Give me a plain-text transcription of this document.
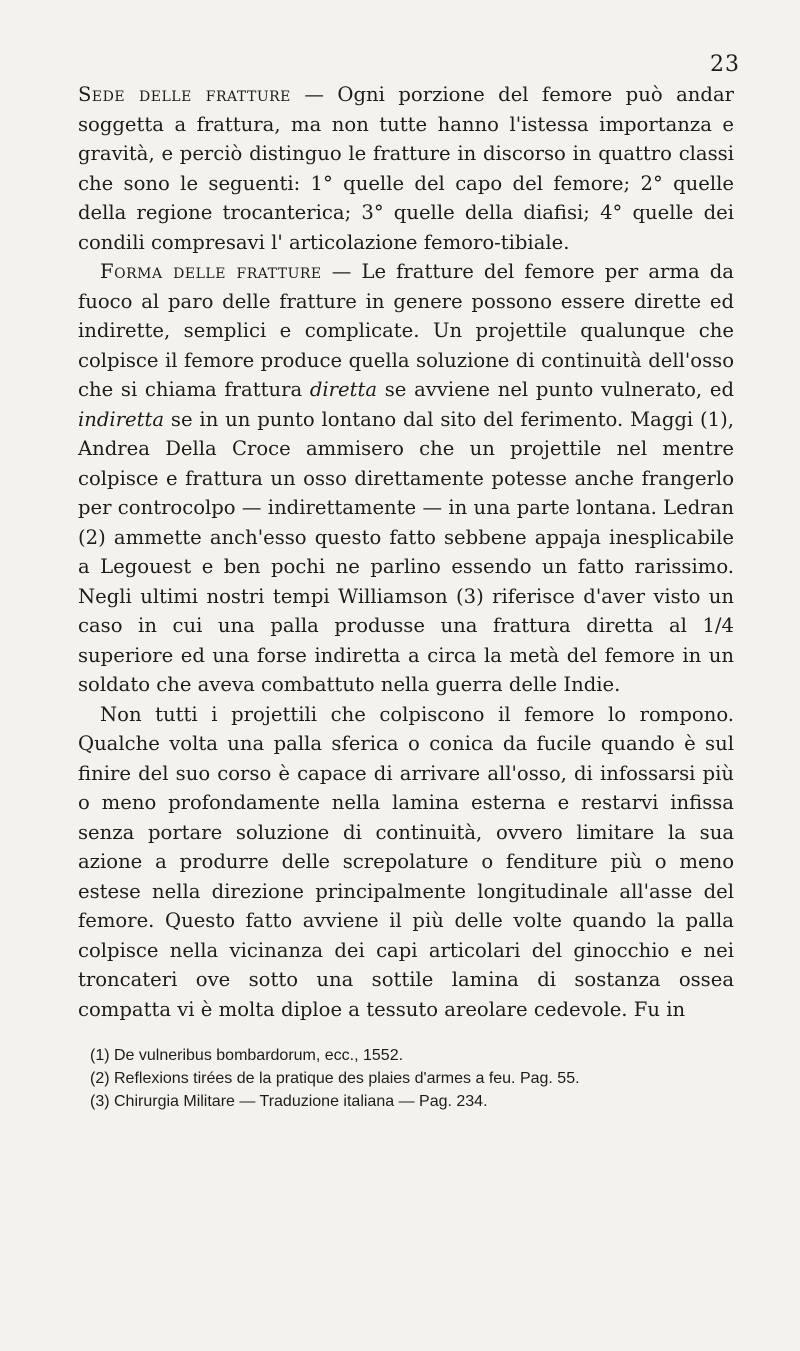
23

Sede delle fratture — Ogni porzione del femore può andar soggetta a frattura, ma non tutte hanno l'istessa importanza e gravità, e perciò distinguo le fratture in discorso in quattro classi che sono le seguenti: 1° quelle del capo del femore; 2° quelle della regione trocanterica; 3° quelle della diafisi; 4° quelle dei condili compresavi l' articolazione femoro-tibiale.

Forma delle fratture — Le fratture del femore per arma da fuoco al paro delle fratture in genere possono essere dirette ed indirette, semplici e complicate. Un projettile qualunque che colpisce il femore produce quella soluzione di continuità dell'osso che si chiama frattura diretta se avviene nel punto vulnerato, ed indiretta se in un punto lontano dal sito del ferimento. Maggi (1), Andrea Della Croce ammisero che un projettile nel mentre colpisce e frattura un osso direttamente potesse anche frangerlo per controcolpo — indirettamente — in una parte lontana. Ledran (2) ammette anch'esso questo fatto sebbene appaja inesplicabile a Legouest e ben pochi ne parlino essendo un fatto rarissimo. Negli ultimi nostri tempi Williamson (3) riferisce d'aver visto un caso in cui una palla produsse una frattura diretta al 1/4 superiore ed una forse indiretta a circa la metà del femore in un soldato che aveva combattuto nella guerra delle Indie.

Non tutti i projettili che colpiscono il femore lo rompono. Qualche volta una palla sferica o conica da fucile quando è sul finire del suo corso è capace di arrivare all'osso, di infossarsi più o meno profondamente nella lamina esterna e restarvi infissa senza portare soluzione di continuità, ovvero limitare la sua azione a produrre delle screpolature o fenditure più o meno estese nella direzione principalmente longitudinale all'asse del femore. Questo fatto avviene il più delle volte quando la palla colpisce nella vicinanza dei capi articolari del ginocchio e nei troncateri ove sotto una sottile lamina di sostanza ossea compatta vi è molta diploe a tessuto areolare cedevole. Fu in

(1) De vulneribus bombardorum, ecc., 1552.
(2) Reflexions tirées de la pratique des plaies d'armes a feu. Pag. 55.
(3) Chirurgia Militare — Traduzione italiana — Pag. 234.
